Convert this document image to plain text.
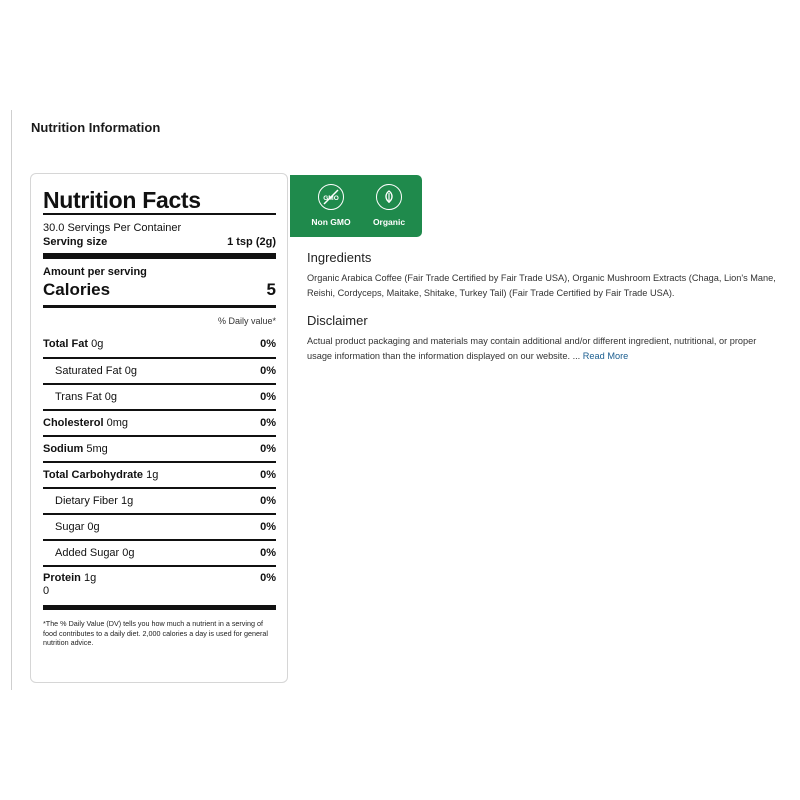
Nutrition Information
Nutrition Facts
30.0 Servings Per Container
Serving size	1 tsp (2g)
Amount per serving
Calories	5
% Daily value*
Total Fat 0g	0%
Saturated Fat 0g	0%
Trans Fat 0g	0%
Cholesterol 0mg	0%
Sodium 5mg	0%
Total Carbohydrate 1g	0%
Dietary Fiber 1g	0%
Sugar 0g	0%
Added Sugar 0g	0%
Protein 1g	0%
0
*The % Daily Value (DV) tells you how much a nutrient in a serving of food contributes to a daily diet. 2,000 calories a day is used for general nutrition advice.
GMO
Non GMO	Organic
Ingredients
Organic Arabica Coffee (Fair Trade Certified by Fair Trade USA), Organic Mushroom Extracts (Chaga, Lion's Mane, Reishi, Cordyceps, Maitake, Shitake, Turkey Tail) (Fair Trade Certified by Fair Trade USA).
Disclaimer
Actual product packaging and materials may contain additional and/or different ingredient, nutritional, or proper usage information than the information displayed on our website. ... Read More
